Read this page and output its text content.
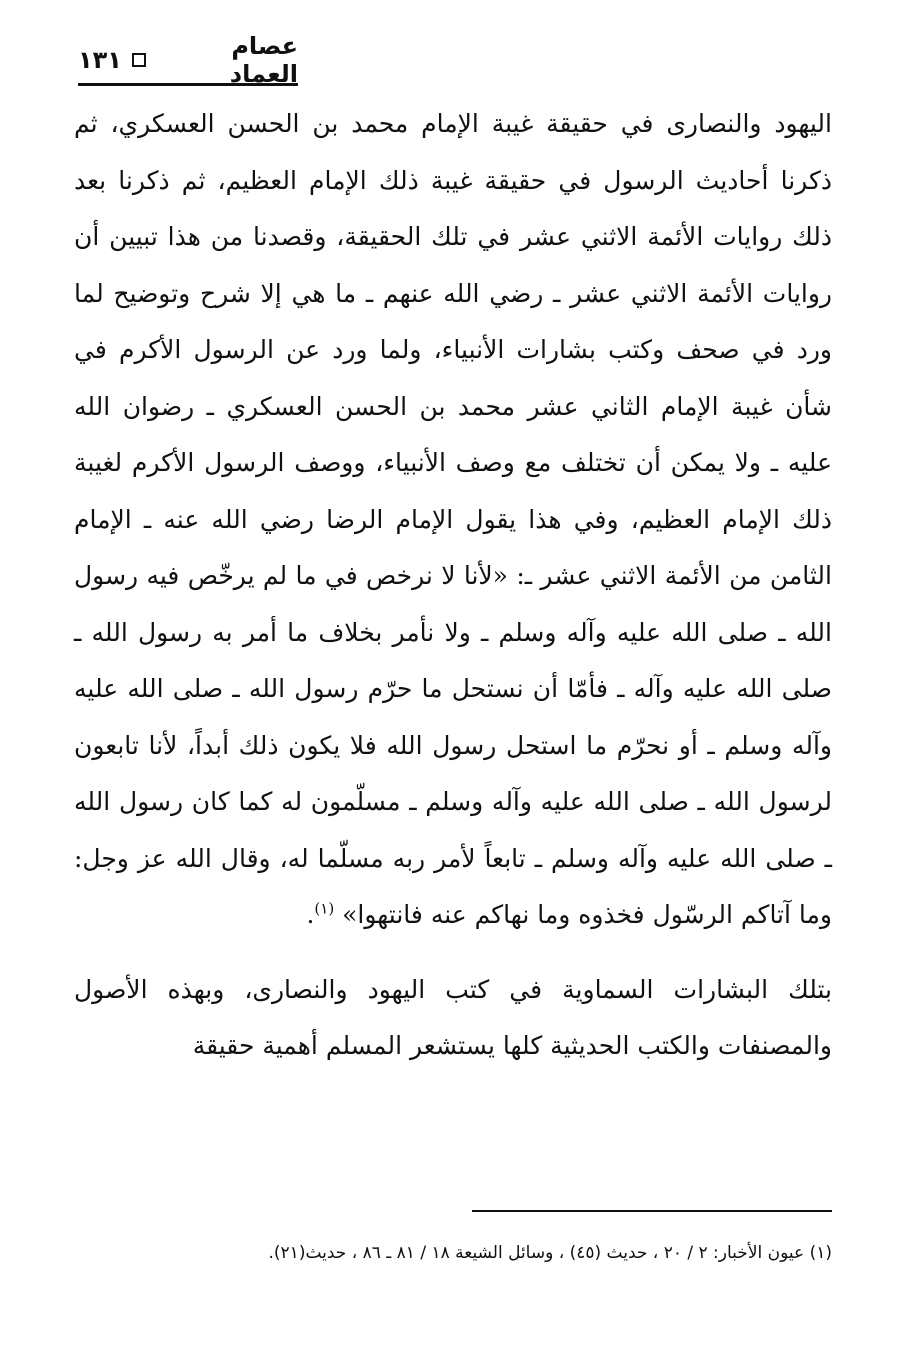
عصام العماد
١٣١

اليهود والنصارى في حقيقة غيبة الإمام محمد بن الحسن العسكري، ثم ذكرنا أحاديث الرسول في حقيقة غيبة ذلك الإمام العظيم، ثم ذكرنا بعد ذلك روايات الأئمة الاثني عشر في تلك الحقيقة، وقصدنا من هذا تبيين أن روايات الأئمة الاثني عشر ـ رضي الله عنهم ـ ما هي إلا شرح وتوضيح لما ورد في صحف وكتب بشارات الأنبياء، ولما ورد عن الرسول الأكرم في شأن غيبة الإمام الثاني عشر محمد بن الحسن العسكري ـ رضوان الله عليه ـ ولا يمكن أن تختلف مع وصف الأنبياء، ووصف الرسول الأكرم لغيبة ذلك الإمام العظيم، وفي هذا يقول الإمام الرضا رضي الله عنه ـ الإمام الثامن من الأئمة الاثني عشر ـ: «لأنا لا نرخص في ما لم يرخّص فيه رسول الله ـ صلى الله عليه وآله وسلم ـ ولا نأمر بخلاف ما أمر به رسول الله ـ صلى الله عليه وآله ـ فأمّا أن نستحل ما حرّم رسول الله ـ صلى الله عليه وآله وسلم ـ أو نحرّم ما استحل رسول الله فلا يكون ذلك أبداً، لأنا تابعون لرسول الله ـ صلى الله عليه وآله وسلم ـ مسلّمون له كما كان رسول الله ـ صلى الله عليه وآله وسلم ـ تابعاً لأمر ربه مسلّما له، وقال الله عز وجل: وما آتاكم الرسّول فخذوه وما نهاكم عنه فانتهوا» $^{(١)}$.

بتلك البشارات السماوية في كتب اليهود والنصارى، وبهذه الأصول والمصنفات والكتب الحديثية كلها يستشعر المسلم أهمية حقيقة

(١) عيون الأخبار: ٢ / ٢٠ ، حديث (٤٥) ، وسائل الشيعة ١٨ / ٨١ ـ ٨٦ ، حديث(٢١).
